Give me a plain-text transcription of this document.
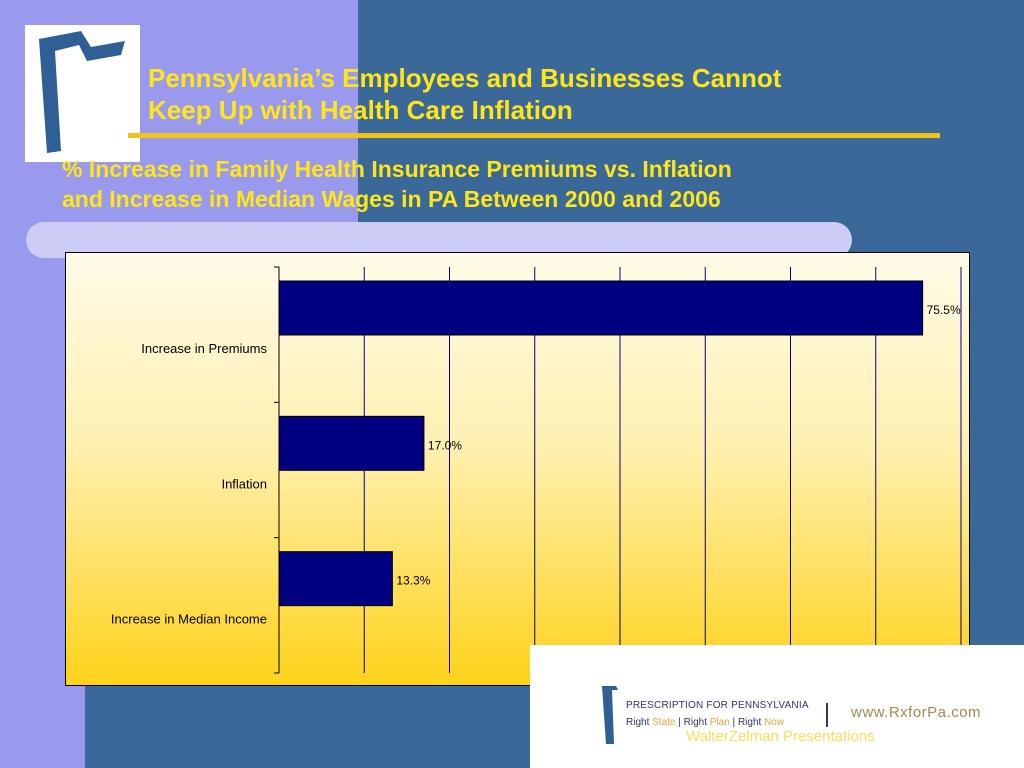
Pennsylvania’s Employees and Businesses Cannot
Keep Up with Health Care Inflation
% Increase in Family Health Insurance Premiums vs. Inflation
and Increase in Median Wages in PA Between 2000 and 2006
75.5%
Increase in Premiums
17.0%
Inflation
13.3%
Increase in Median Income
PRESCRIPTION FOR PENNSYLVANIA
Right State | Right Plan | Right Now
www.RxforPa.com
WalterZelman Presentations
